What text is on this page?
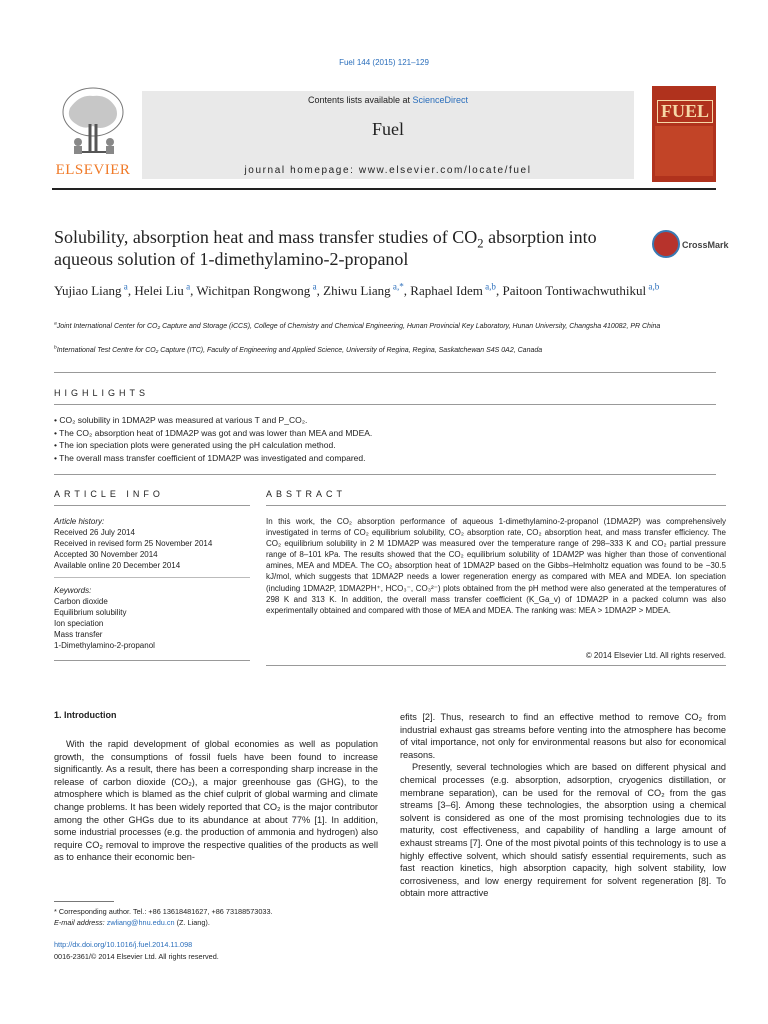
Fuel 144 (2015) 121–129
ELSEVIER
Contents lists available at ScienceDirect
Fuel
journal homepage: www.elsevier.com/locate/fuel
FUEL
Solubility, absorption heat and mass transfer studies of $CO_2$ absorption into aqueous solution of 1-dimethylamino-2-propanol
CrossMark
Yujiao Liang $^a$, Helei Liu $^a$, Wichitpan Rongwong $^a$, Zhiwu Liang $^{a,*}$, Raphael Idem $^{a,b}$, Paitoon Tontiwachwuthikul $^{a,b}$
$^a$Joint International Center for CO₂ Capture and Storage (iCCS), College of Chemistry and Chemical Engineering, Hunan Provincial Key Laboratory, Hunan University, Changsha 410082, PR China
$^b$International Test Centre for CO₂ Capture (ITC), Faculty of Engineering and Applied Science, University of Regina, Regina, Saskatchewan S4S 0A2, Canada
HIGHLIGHTS
• CO₂ solubility in 1DMA2P was measured at various T and P_CO₂.
• The CO₂ absorption heat of 1DMA2P was got and was lower than MEA and MDEA.
• The ion speciation plots were generated using the pH calculation method.
• The overall mass transfer coefficient of 1DMA2P was investigated and compared.
ARTICLE INFO
Article history:
Received 26 July 2014
Received in revised form 25 November 2014
Accepted 30 November 2014
Available online 20 December 2014
Keywords:
Carbon dioxide
Equilibrium solubility
Ion speciation
Mass transfer
1-Dimethylamino-2-propanol
ABSTRACT
In this work, the CO₂ absorption performance of aqueous 1-dimethylamino-2-propanol (1DMA2P) was comprehensively investigated in terms of CO₂ equilibrium solubility, CO₂ absorption rate, CO₂ absorption heat, and mass transfer efficiency. The CO₂ equilibrium solubility in 2 M 1DMA2P was measured over the temperature range of 298–333 K and CO₂ partial pressure range of 8–101 kPa. The results showed that the CO₂ equilibrium solubility of 1DAM2P was higher than those of conventional amines, MEA and MDEA. The CO₂ absorption heat of 1DMA2P based on the Gibbs–Helmholtz equation was found to be −30.5 kJ/mol, which suggests that 1DMA2P needs a lower regeneration energy as compared with MEA and MDEA. Ion speciation (including 1DMA2P, 1DMA2PH⁺, HCO₃⁻, CO₃²⁻) plots obtained from the pH method were also generated at the temperatures of 298 K and 313 K. In addition, the overall mass transfer coefficient (K_Ga_v) of 1DMA2P in a packed column was also experimentally obtained and compared with those of MEA and MDEA. The ranking was: MEA > 1DMA2P > MDEA.
© 2014 Elsevier Ltd. All rights reserved.
1. Introduction
With the rapid development of global economies as well as population growth, the consumptions of fossil fuels have been found to increase significantly. As a result, there has been a corresponding sharp increase in the release of carbon dioxide (CO₂), a major greenhouse gas (GHG), to the atmosphere which is blamed as the chief culprit of global warming and climate change problems. It has been widely reported that CO₂ is the major contributor among the other GHGs due to its abundance at about 77% [1]. In addition, some industrial processes (e.g. the production of ammonia and hydrogen) also require CO₂ removal to improve the respective qualities of the products as well as to enhance their economic ben-
efits [2]. Thus, research to find an effective method to remove CO₂ from industrial exhaust gas streams before venting into the atmosphere has become of vital importance, not only for environmental reasons but also for economical reasons.
Presently, several technologies which are based on different physical and chemical processes (e.g. absorption, adsorption, cryogenics distillation, or membrane separation), can be used for the removal of CO₂ from the gas streams [3–6]. Among these technologies, the absorption using a chemical solvent is considered as one of the most promising technologies due to its maturity, cost effectiveness, and capability of handling a large amount of exhaust streams [7]. One of the most pivotal points of this technology is to use a highly effective solvent, which should satisfy essential requirements, such as fast reaction kinetics, high absorption capacity, high solvent stability, low corrosiveness, and low energy requirement for solvent regeneration [8]. To obtain more attractive
* Corresponding author. Tel.: +86 13618481627, +86 73188573033.
E-mail address: zwliang@hnu.edu.cn (Z. Liang).
http://dx.doi.org/10.1016/j.fuel.2014.11.098
0016-2361/© 2014 Elsevier Ltd. All rights reserved.
